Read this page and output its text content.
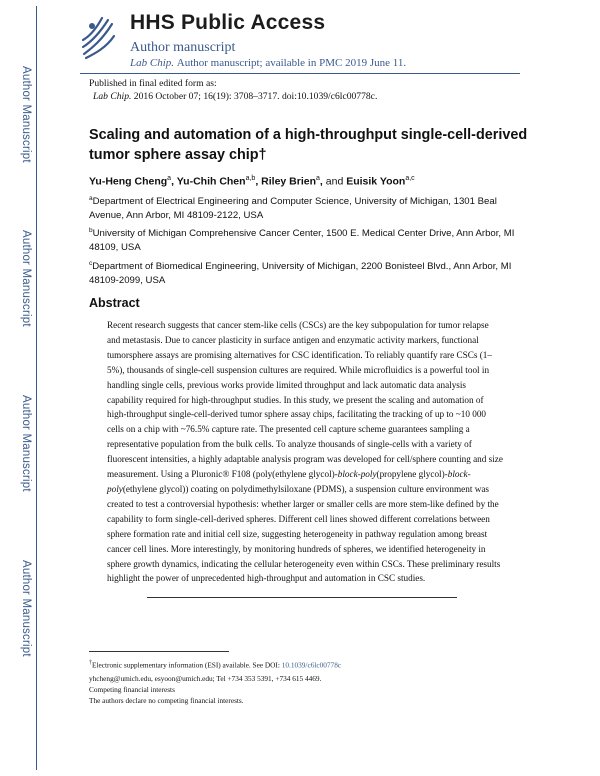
Author Manuscript
Author Manuscript
Author Manuscript
Author Manuscript
HHS Public Access
Author manuscript
Lab Chip. Author manuscript; available in PMC 2019 June 11.
Published in final edited form as:
Lab Chip. 2016 October 07; 16(19): 3708–3717. doi:10.1039/c6lc00778c.
Scaling and automation of a high-throughput single-cell-derived tumor sphere assay chip†
Yu-Heng Cheng$^a$, Yu-Chih Chen$^{a,b}$, Riley Brien$^a$, and Euisik Yoon$^{a,c}$
$^a$Department of Electrical Engineering and Computer Science, University of Michigan, 1301 Beal Avenue, Ann Arbor, MI 48109-2122, USA
$^b$University of Michigan Comprehensive Cancer Center, 1500 E. Medical Center Drive, Ann Arbor, MI 48109, USA
$^c$Department of Biomedical Engineering, University of Michigan, 2200 Bonisteel Blvd., Ann Arbor, MI 48109-2099, USA
Abstract
Recent research suggests that cancer stem-like cells (CSCs) are the key subpopulation for tumor relapse and metastasis. Due to cancer plasticity in surface antigen and enzymatic activity markers, functional tumorsphere assays are promising alternatives for CSC identification. To reliably quantify rare CSCs (1–5%), thousands of single-cell suspension cultures are required. While microfluidics is a powerful tool in handling single cells, previous works provide limited throughput and lack automatic data analysis capability required for high-throughput studies. In this study, we present the scaling and automation of high-throughput single-cell-derived tumor sphere assay chips, facilitating the tracking of up to ~10 000 cells on a chip with ~76.5% capture rate. The presented cell capture scheme guarantees sampling a representative population from the bulk cells. To analyze thousands of single-cells with a variety of fluorescent intensities, a highly adaptable analysis program was developed for cell/sphere counting and size measurement. Using a Pluronic® F108 (poly(ethylene glycol)-block-poly(propylene glycol)-block-poly(ethylene glycol)) coating on polydimethylsiloxane (PDMS), a suspension culture environment was created to test a controversial hypothesis: whether larger or smaller cells are more stem-like defined by the capability to form single-cell-derived spheres. Different cell lines showed different correlations between sphere formation rate and initial cell size, suggesting heterogeneity in pathway regulation among breast cancer cell lines. More interestingly, by monitoring hundreds of spheres, we identified heterogeneity in sphere growth dynamics, indicating the cellular heterogeneity even within CSCs. These preliminary results highlight the power of unprecedented high-throughput and automation in CSC studies.
†Electronic supplementary information (ESI) available. See DOI: 10.1039/c6lc00778c
yhcheng@umich.edu, esyoon@umich.edu; Tel +734 353 5391, +734 615 4469.
Competing financial interests
The authors declare no competing financial interests.
